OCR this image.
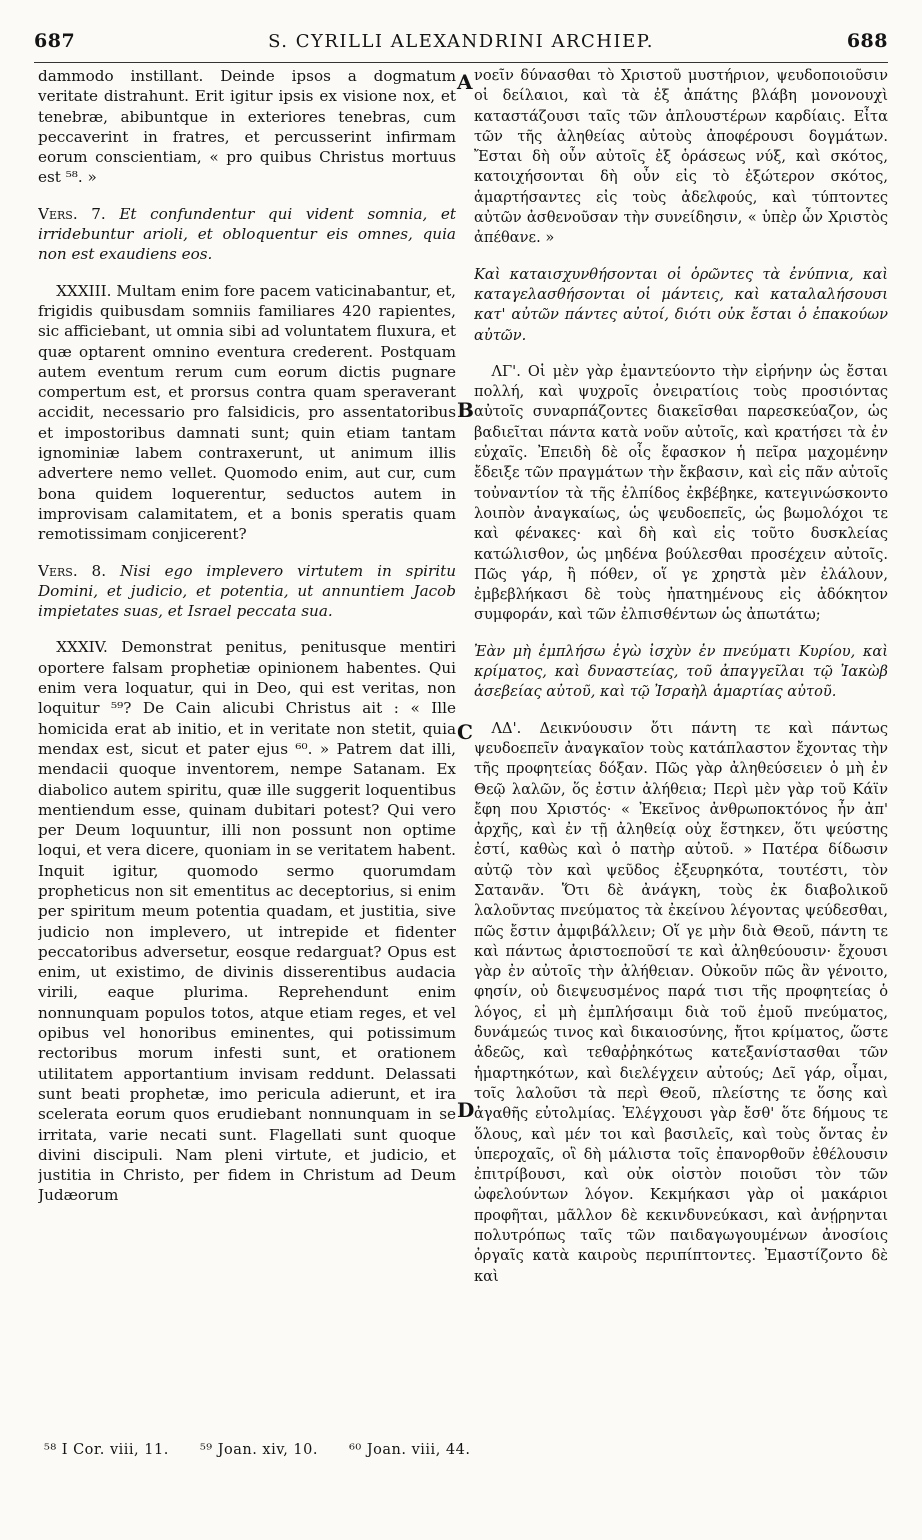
687	S. CYRILLI ALEXANDRINI ARCHIEP.	688

dammodo instillant. Deinde ipsos a dogmatum veritate distrahunt. Erit igitur ipsis ex visione nox, et tenebræ, abibuntque in exteriores tenebras, cum peccaverint in fratres, et percusserint infirmam eorum conscientiam, « pro quibus Christus mortuus est ⁵⁸. »

Vers. 7. Et confundentur qui vident somnia, et irridebuntur arioli, et obloquentur eis omnes, quia non est exaudiens eos.

XXXIII. Multam enim fore pacem vaticinabantur, et, frigidis quibusdam somniis familiares 420 rapientes, sic afficiebant, ut omnia sibi ad voluntatem fluxura, et quæ optarent omnino eventura crederent. Postquam autem eventum rerum cum eorum dictis pugnare compertum est, et prorsus contra quam speraverant accidit, necessario pro falsidicis, pro assentatoribus et impostoribus damnati sunt; quin etiam tantam ignominiæ labem contraxerunt, ut animum illis advertere nemo vellet. Quomodo enim, aut cur, cum bona quidem loquerentur, seductos autem in improvisam calamitatem, et a bonis speratis quam remotissimam conjicerent?

Vers. 8. Nisi ego implevero virtutem in spiritu Domini, et judicio, et potentia, ut annuntiem Jacob impietates suas, et Israel peccata sua.

XXXIV. Demonstrat penitus, penitusque mentiri oportere falsam prophetiæ opinionem habentes. Qui enim vera loquatur, qui in Deo, qui est veritas, non loquitur ⁵⁹? De Cain alicubi Christus ait : « Ille homicida erat ab initio, et in veritate non stetit, quia mendax est, sicut et pater ejus ⁶⁰. » Patrem dat illi, mendacii quoque inventorem, nempe Satanam. Ex diabolico autem spiritu, quæ ille suggerit loquentibus mentiendum esse, quinam dubitari potest? Qui vero per Deum loquuntur, illi non possunt non optime loqui, et vera dicere, quoniam in se veritatem habent. Inquit igitur, quomodo sermo quorumdam propheticus non sit ementitus ac deceptorius, si enim per spiritum meum potentia quadam, et justitia, sive judicio non implevero, ut intrepide et fidenter peccatoribus adversetur, eosque redarguat? Opus est enim, ut existimo, de divinis disserentibus audacia virili, eaque plurima. Reprehendunt enim nonnunquam populos totos, atque etiam reges, et vel opibus vel honoribus eminentes, qui potissimum rectoribus morum infesti sunt, et orationem utilitatem apportantium invisam reddunt. Delassati sunt beati prophetæ, imo pericula adierunt, et ira scelerata eorum quos erudiebant nonnunquam in se irritata, varie necati sunt. Flagellati sunt quoque divini discipuli. Nam pleni virtute, et judicio, et justitia in Christo, per fidem in Christum ad Deum Judæorum

νοεῖν δύνασθαι τὸ Χριστοῦ μυστήριον, ψευδοποιοῦσιν οἱ δείλαιοι, καὶ τὰ ἐξ ἀπάτης βλάβη μονονουχὶ καταστάζουσι ταῖς τῶν ἁπλουστέρων καρδίαις. Εἶτα τῶν τῆς ἀληθείας αὐτοὺς ἀποφέρουσι δογμάτων. Ἔσται δὴ οὖν αὐτοῖς ἐξ ὁράσεως νύξ, καὶ σκότος, κατοιχήσονται δὴ οὖν εἰς τὸ ἐξώτερον σκότος, ἁμαρτήσαντες εἰς τοὺς ἀδελφούς, καὶ τύπτοντες αὐτῶν ἀσθενοῦσαν τὴν συνείδησιν, « ὑπὲρ ὧν Χριστὸς ἀπέθανε. »

Καὶ καταισχυνθήσονται οἱ ὁρῶντες τὰ ἐνύπνια, καὶ καταγελασθήσονται οἱ μάντεις, καὶ καταλαλήσουσι κατ' αὐτῶν πάντες αὐτοί, διότι οὐκ ἔσται ὁ ἐπακούων αὐτῶν.

ΛΓ'. Οἱ μὲν γὰρ ἐμαντεύοντο τὴν εἰρήνην ὡς ἔσται πολλή, καὶ ψυχροῖς ὀνειρατίοις τοὺς προσιόντας αὐτοῖς συναρπάζοντες διακεῖσθαι παρεσκεύαζον, ὡς βαδιεῖται πάντα κατὰ νοῦν αὐτοῖς, καὶ κρατήσει τὰ ἐν εὐχαῖς. Ἐπειδὴ δὲ οἷς ἔφασκον ἡ πεῖρα μαχομένην ἔδειξε τῶν πραγμάτων τὴν ἔκβασιν, καὶ εἰς πᾶν αὐτοῖς τοὐναντίον τὰ τῆς ἐλπίδος ἐκβέβηκε, κατεγινώσκοντο λοιπὸν ἀναγκαίως, ὡς ψευδοεπεῖς, ὡς βωμολόχοι τε καὶ φένακες· καὶ δὴ καὶ εἰς τοῦτο δυσκλείας κατώλισθον, ὡς μηδένα βούλεσθαι προσέχειν αὐτοῖς. Πῶς γάρ, ἢ πόθεν, οἵ γε χρηστὰ μὲν ἐλάλουν, ἐμβεβλήκασι δὲ τοὺς ἠπατημένους εἰς ἀδόκητον συμφοράν, καὶ τῶν ἐλπισθέντων ὡς ἀπωτάτω;

Ἐὰν μὴ ἐμπλήσω ἐγὼ ἰσχὺν ἐν πνεύματι Κυρίου, καὶ κρίματος, καὶ δυναστείας, τοῦ ἀπαγγεῖλαι τῷ Ἰακὼβ ἀσεβείας αὐτοῦ, καὶ τῷ Ἰσραὴλ ἁμαρτίας αὐτοῦ.

ΛΔ'. Δεικνύουσιν ὅτι πάντη τε καὶ πάντως ψευδοεπεῖν ἀναγκαῖον τοὺς κατάπλαστον ἔχοντας τὴν τῆς προφητείας δόξαν. Πῶς γὰρ ἀληθεύσειεν ὁ μὴ ἐν Θεῷ λαλῶν, ὅς ἐστιν ἀλήθεια; Περὶ μὲν γὰρ τοῦ Κάϊν ἔφη που Χριστός· « Ἐκεῖνος ἀνθρωποκτόνος ἦν ἀπ' ἀρχῆς, καὶ ἐν τῇ ἀληθείᾳ οὐχ ἕστηκεν, ὅτι ψεύστης ἐστί, καθὼς καὶ ὁ πατὴρ αὐτοῦ. » Πατέρα δίδωσιν αὐτῷ τὸν καὶ ψεῦδος ἐξευρηκότα, τουτέστι, τὸν Σατανᾶν. Ὅτι δὲ ἀνάγκη, τοὺς ἐκ διαβολικοῦ λαλοῦντας πνεύματος τὰ ἐκείνου λέγοντας ψεύδεσθαι, πῶς ἔστιν ἀμφιβάλλειν; Οἵ γε μὴν διὰ Θεοῦ, πάντη τε καὶ πάντως ἀριστοεποῦσί τε καὶ ἀληθεύουσιν· ἔχουσι γὰρ ἐν αὐτοῖς τὴν ἀλήθειαν. Οὐκοῦν πῶς ἂν γένοιτο, φησίν, οὐ διεψευσμένος παρά τισι τῆς προφητείας ὁ λόγος, εἰ μὴ ἐμπλήσαιμι διὰ τοῦ ἐμοῦ πνεύματος, δυνάμεώς τινος καὶ δικαιοσύνης, ἤτοι κρίματος, ὥστε ἀδεῶς, καὶ τεθαῤῥηκότως κατεξανίστασθαι τῶν ἡμαρτηκότων, καὶ διελέγχειν αὐτούς; Δεῖ γάρ, οἶμαι, τοῖς λαλοῦσι τὰ περὶ Θεοῦ, πλείστης τε ὅσης καὶ ἀγαθῆς εὐτολμίας. Ἐλέγχουσι γὰρ ἔσθ' ὅτε δήμους τε ὅλους, καὶ μέν τοι καὶ βασιλεῖς, καὶ τοὺς ὄντας ἐν ὑπεροχαῖς, οἳ δὴ μάλιστα τοῖς ἐπανορθοῦν ἐθέλουσιν ἐπιτρίβουσι, καὶ οὐκ οἰστὸν ποιοῦσι τὸν τῶν ὠφελούντων λόγον. Κεκμήκασι γὰρ οἱ μακάριοι προφῆται, μᾶλλον δὲ κεκινδυνεύκασι, καὶ ἀνῄρηνται πολυτρόπως ταῖς τῶν παιδαγωγουμένων ἀνοσίοις ὀργαῖς κατὰ καιροὺς περιπίπτοντες. Ἐμαστίζοντο δὲ καὶ

A
B
C
D
⁵⁸ I Cor. viii, 11. ⁵⁹ Joan. xiv, 10. ⁶⁰ Joan. viii, 44.
